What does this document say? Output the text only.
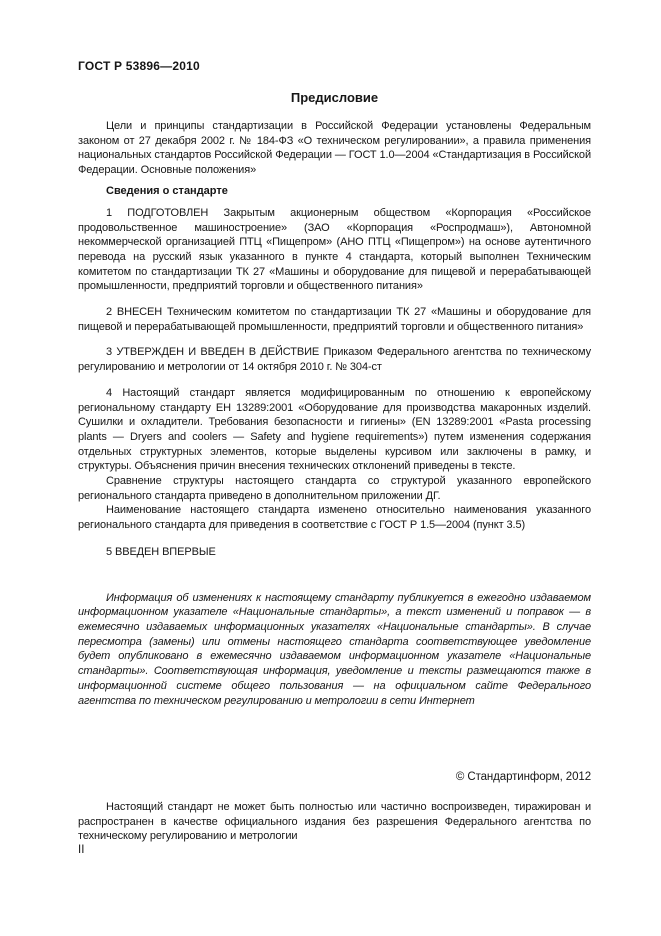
ГОСТ Р 53896—2010
Предисловие

Цели и принципы стандартизации в Российской Федерации установлены Федеральным законом от 27 декабря 2002 г. № 184-ФЗ «О техническом регулировании», а правила применения национальных стандартов Российской Федерации — ГОСТ 1.0—2004 «Стандартизация в Российской Федерации. Основные положения»

Сведения о стандарте

1 ПОДГОТОВЛЕН Закрытым акционерным обществом «Корпорация «Российское продовольственное машиностроение» (ЗАО «Корпорация «Роспродмаш»), Автономной некоммерческой организацией ПТЦ «Пищепром» (АНО ПТЦ «Пищепром») на основе аутентичного перевода на русский язык указанного в пункте 4 стандарта, который выполнен Техническим комитетом по стандартизации ТК 27 «Машины и оборудование для пищевой и перерабатывающей промышленности, предприятий торговли и общественного питания»

2 ВНЕСЕН Техническим комитетом по стандартизации ТК 27 «Машины и оборудование для пищевой и перерабатывающей промышленности, предприятий торговли и общественного питания»

3 УТВЕРЖДЕН И ВВЕДЕН В ДЕЙСТВИЕ Приказом Федерального агентства по техническому регулированию и метрологии от 14 октября 2010 г. № 304-ст

4 Настоящий стандарт является модифицированным по отношению к европейскому региональному стандарту ЕН 13289:2001 «Оборудование для производства макаронных изделий. Сушилки и охладители. Требования безопасности и гигиены» (EN 13289:2001 «Pasta processing plants — Dryers and coolers — Safety and hygiene requirements») путем изменения содержания отдельных структурных элементов, которые выделены курсивом или заключены в рамку, и структуры. Объяснения причин внесения технических отклонений приведены в тексте.

Сравнение структуры настоящего стандарта со структурой указанного европейского регионального стандарта приведено в дополнительном приложении ДГ.

Наименование настоящего стандарта изменено относительно наименования указанного регионального стандарта для приведения в соответствие с ГОСТ Р 1.5—2004 (пункт 3.5)

5 ВВЕДЕН ВПЕРВЫЕ

Информация об изменениях к настоящему стандарту публикуется в ежегодно издаваемом информационном указателе «Национальные стандарты», а текст изменений и поправок — в ежемесячно издаваемых информационных указателях «Национальные стандарты». В случае пересмотра (замены) или отмены настоящего стандарта соответствующее уведомление будет опубликовано в ежемесячно издаваемом информационном указателе «Национальные стандарты». Соответствующая информация, уведомление и тексты размещаются также в информационной системе общего пользования — на официальном сайте Федерального агентства по техническом регулированию и метрологии в сети Интернет

© Стандартинформ, 2012

Настоящий стандарт не может быть полностью или частично воспроизведен, тиражирован и распространен в качестве официального издания без разрешения Федерального агентства по техническому регулированию и метрологии

II
